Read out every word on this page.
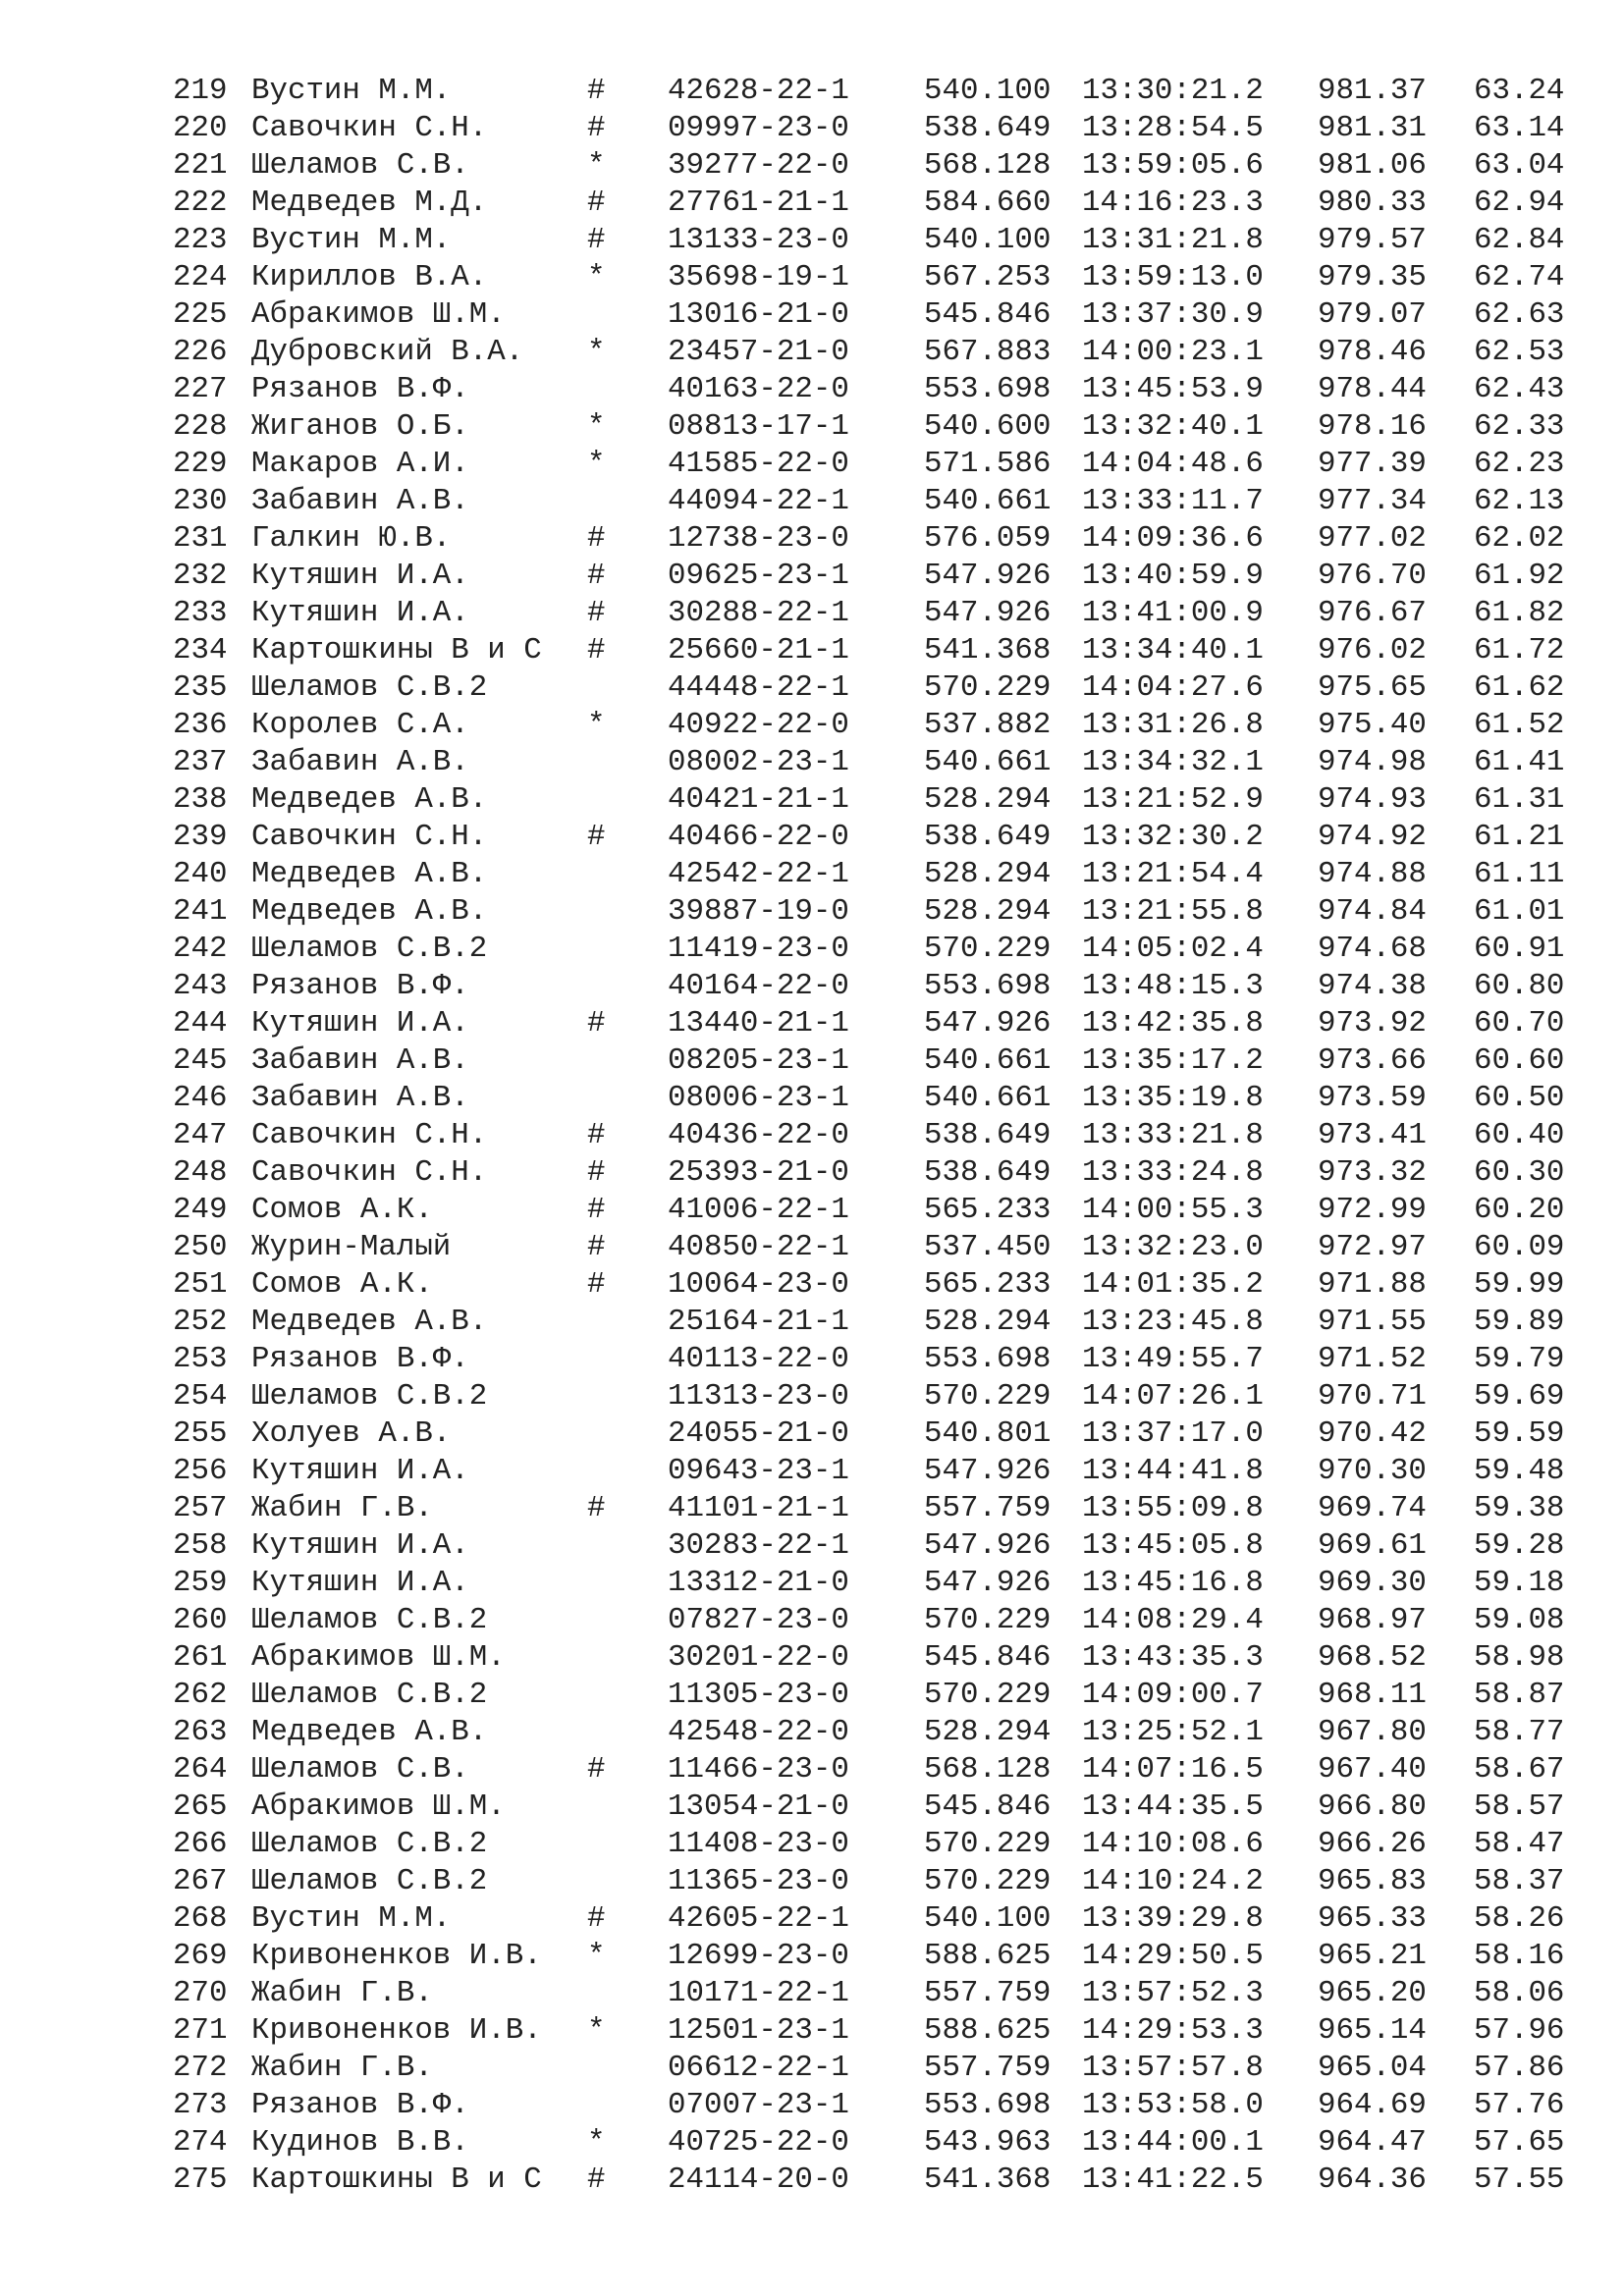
219 Вустин М.М.	# 42628-22-1 540.100 13:30:21.2 981.37 63.24
220 Савочкин С.Н.	# 09997-23-0 538.649 13:28:54.5 981.31 63.14
221 Шеламов С.В.	* 39277-22-0 568.128 13:59:05.6 981.06 63.04
222 Медведев М.Д.	# 27761-21-1 584.660 14:16:23.3 980.33 62.94
223 Вустин М.М.	# 13133-23-0 540.100 13:31:21.8 979.57 62.84
224 Кириллов В.А.	* 35698-19-1 567.253 13:59:13.0 979.35 62.74
225 Абракимов Ш.М.	13016-21-0 545.846 13:37:30.9 979.07 62.63
226 Дубровский В.А. * 23457-21-0 567.883 14:00:23.1 978.46 62.53
227 Рязанов В.Ф.	40163-22-0 553.698 13:45:53.9 978.44 62.43
228 Жиганов О.Б.	* 08813-17-1 540.600 13:32:40.1 978.16 62.33
229 Макаров А.И.	* 41585-22-0 571.586 14:04:48.6 977.39 62.23
230 Забавин А.В.	44094-22-1 540.661 13:33:11.7 977.34 62.13
231 Галкин Ю.В.	# 12738-23-0 576.059 14:09:36.6 977.02 62.02
232 Кутяшин И.А.	# 09625-23-1 547.926 13:40:59.9 976.70 61.92
233 Кутяшин И.А.	# 30288-22-1 547.926 13:41:00.9 976.67 61.82
234 Картошкины В и С # 25660-21-1 541.368 13:34:40.1 976.02 61.72
235 Шеламов С.В.2	44448-22-1 570.229 14:04:27.6 975.65 61.62
236 Королев С.А.	* 40922-22-0 537.882 13:31:26.8 975.40 61.52
237 Забавин А.В.	08002-23-1 540.661 13:34:32.1 974.98 61.41
238 Медведев А.В.	40421-21-1 528.294 13:21:52.9 974.93 61.31
239 Савочкин С.Н.	# 40466-22-0 538.649 13:32:30.2 974.92 61.21
240 Медведев А.В.	42542-22-1 528.294 13:21:54.4 974.88 61.11
241 Медведев А.В.	39887-19-0 528.294 13:21:55.8 974.84 61.01
242 Шеламов С.В.2	11419-23-0 570.229 14:05:02.4 974.68 60.91
243 Рязанов В.Ф.	40164-22-0 553.698 13:48:15.3 974.38 60.80
244 Кутяшин И.А.	# 13440-21-1 547.926 13:42:35.8 973.92 60.70
245 Забавин А.В.	08205-23-1 540.661 13:35:17.2 973.66 60.60
246 Забавин А.В.	08006-23-1 540.661 13:35:19.8 973.59 60.50
247 Савочкин С.Н.	# 40436-22-0 538.649 13:33:21.8 973.41 60.40
248 Савочкин С.Н.	# 25393-21-0 538.649 13:33:24.8 973.32 60.30
249 Сомов А.К.	# 41006-22-1 565.233 14:00:55.3 972.99 60.20
250 Журин-Малый	# 40850-22-1 537.450 13:32:23.0 972.97 60.09
251 Сомов А.К.	# 10064-23-0 565.233 14:01:35.2 971.88 59.99
252 Медведев А.В.	25164-21-1 528.294 13:23:45.8 971.55 59.89
253 Рязанов В.Ф.	40113-22-0 553.698 13:49:55.7 971.52 59.79
254 Шеламов С.В.2	11313-23-0 570.229 14:07:26.1 970.71 59.69
255 Холуев А.В.	24055-21-0 540.801 13:37:17.0 970.42 59.59
256 Кутяшин И.А.	09643-23-1 547.926 13:44:41.8 970.30 59.48
257 Жабин Г.В.	# 41101-21-1 557.759 13:55:09.8 969.74 59.38
258 Кутяшин И.А.	30283-22-1 547.926 13:45:05.8 969.61 59.28
259 Кутяшин И.А.	13312-21-0 547.926 13:45:16.8 969.30 59.18
260 Шеламов С.В.2	07827-23-0 570.229 14:08:29.4 968.97 59.08
261 Абракимов Ш.М.	30201-22-0 545.846 13:43:35.3 968.52 58.98
262 Шеламов С.В.2	11305-23-0 570.229 14:09:00.7 968.11 58.87
263 Медведев А.В.	42548-22-0 528.294 13:25:52.1 967.80 58.77
264 Шеламов С.В.	# 11466-23-0 568.128 14:07:16.5 967.40 58.67
265 Абракимов Ш.М.	13054-21-0 545.846 13:44:35.5 966.80 58.57
266 Шеламов С.В.2	11408-23-0 570.229 14:10:08.6 966.26 58.47
267 Шеламов С.В.2	11365-23-0 570.229 14:10:24.2 965.83 58.37
268 Вустин М.М.	# 42605-22-1 540.100 13:39:29.8 965.33 58.26
269 Кривоненков И.В. * 12699-23-0 588.625 14:29:50.5 965.21 58.16
270 Жабин Г.В.	10171-22-1 557.759 13:57:52.3 965.20 58.06
271 Кривоненков И.В. * 12501-23-1 588.625 14:29:53.3 965.14 57.96
272 Жабин Г.В.	06612-22-1 557.759 13:57:57.8 965.04 57.86
273 Рязанов В.Ф.	07007-23-1 553.698 13:53:58.0 964.69 57.76
274 Кудинов В.В.	* 40725-22-0 543.963 13:44:00.1 964.47 57.65
275 Картошкины В и С # 24114-20-0 541.368 13:41:22.5 964.36 57.55
